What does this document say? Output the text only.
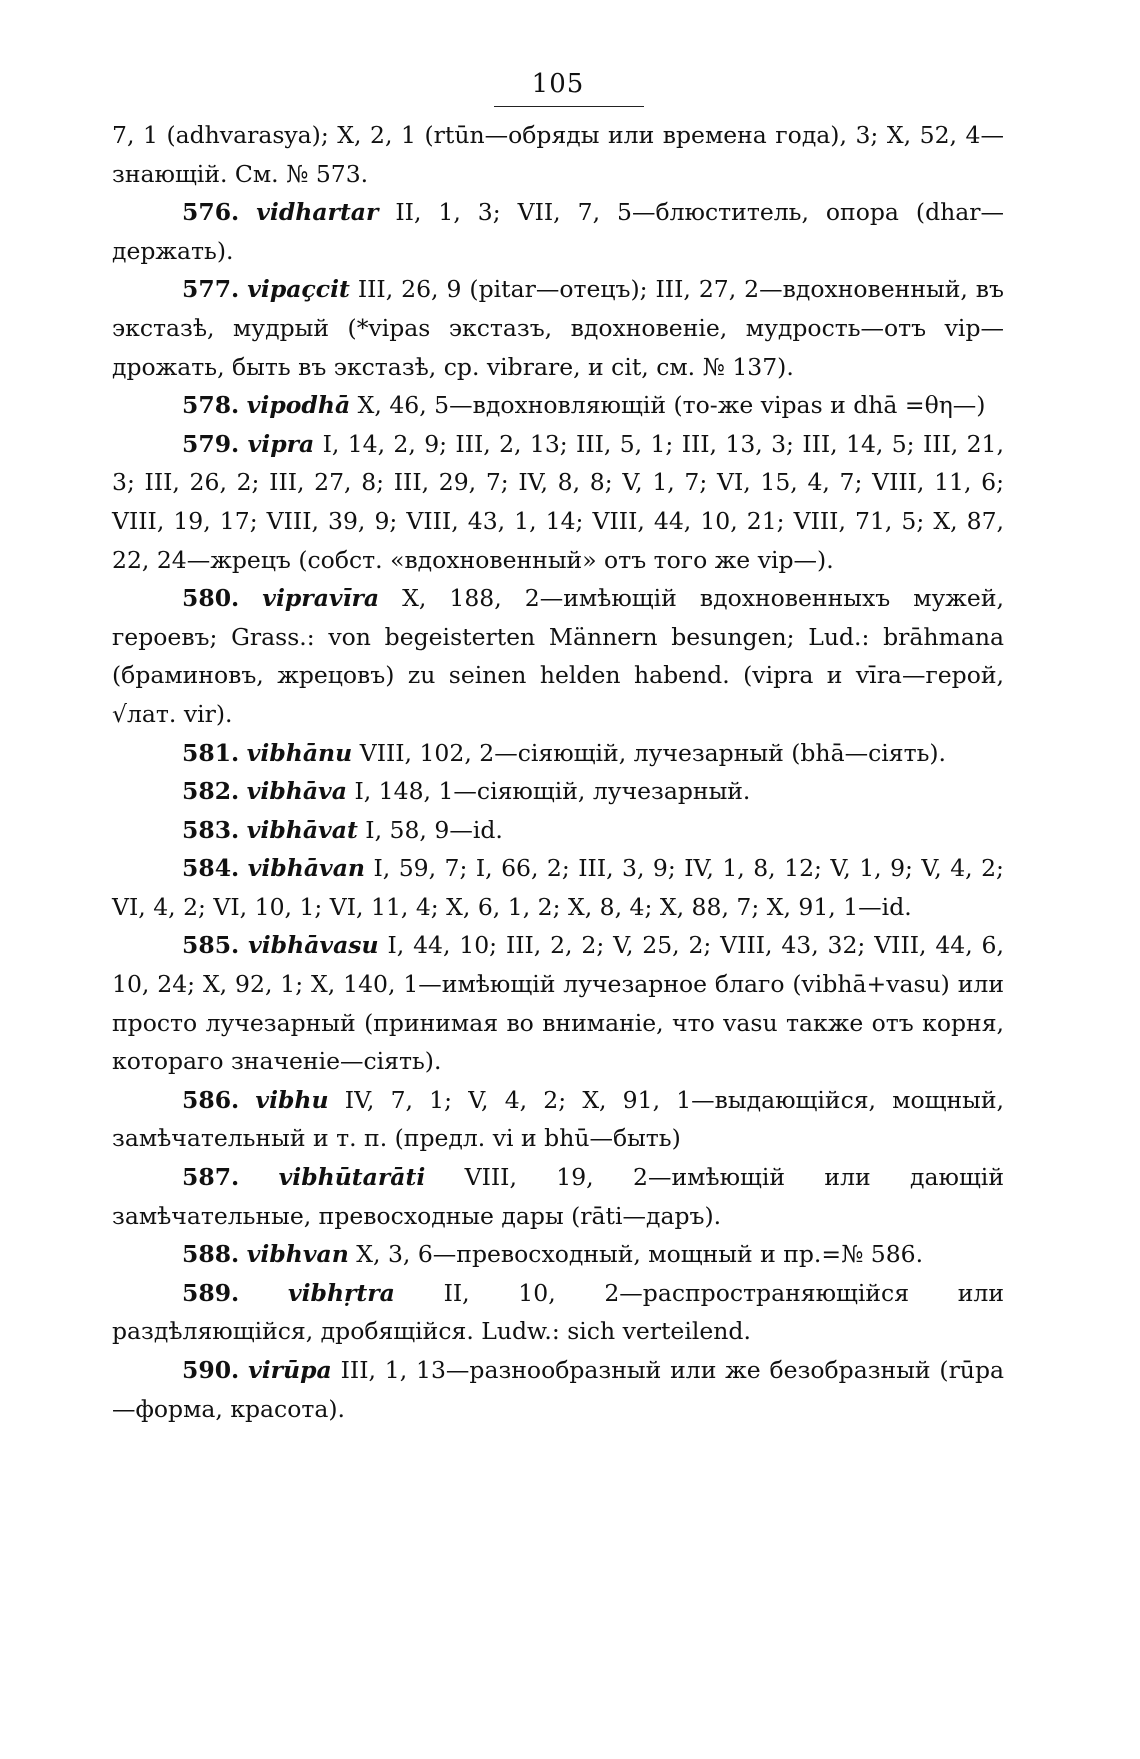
105

7, 1 (adhvarasya); X, 2, 1 (rtūn—обряды или времена года), 3; X, 52, 4—знающій. См. № 573.

576. vidhartar II, 1, 3; VII, 7, 5—блюститель, опора (dhar—держать).

577. vipaçcit III, 26, 9 (pitar—отецъ); III, 27, 2—вдохновенный, въ экстазѣ, мудрый (*vipas экстазъ, вдохновеніе, мудрость—отъ vip—дрожать, быть въ экстазѣ, ср. vibrare, и cit, см. № 137).

578. vipodhā X, 46, 5—вдохновляющій (то-же vipas и dhā =θη—)

579. vipra I, 14, 2, 9; III, 2, 13; III, 5, 1; III, 13, 3; III, 14, 5; III, 21, 3; III, 26, 2; III, 27, 8; III, 29, 7; IV, 8, 8; V, 1, 7; VI, 15, 4, 7; VIII, 11, 6; VIII, 19, 17; VIII, 39, 9; VIII, 43, 1, 14; VIII, 44, 10, 21; VIII, 71, 5; X, 87, 22, 24—жрецъ (собст. «вдохновенный» отъ того же vip—).

580. vipravīra X, 188, 2—имѣющій вдохновенныхъ мужей, героевъ; Grass.: von begeisterten Männern besungen; Lud.: brāhmana (браминовъ, жрецовъ) zu seinen helden habend. (vipra и vīra—герой, √лат. vir).

581. vibhānu VIII, 102, 2—сіяющій, лучезарный (bhā—сіять).

582. vibhāva I, 148, 1—сіяющій, лучезарный.

583. vibhāvat I, 58, 9—id.

584. vibhāvan I, 59, 7; I, 66, 2; III, 3, 9; IV, 1, 8, 12; V, 1, 9; V, 4, 2; VI, 4, 2; VI, 10, 1; VI, 11, 4; X, 6, 1, 2; X, 8, 4; X, 88, 7; X, 91, 1—id.

585. vibhāvasu I, 44, 10; III, 2, 2; V, 25, 2; VIII, 43, 32; VIII, 44, 6, 10, 24; X, 92, 1; X, 140, 1—имѣющій лучезарное благо (vibhā+vasu) или просто лучезарный (принимая во вниманіе, что vasu также отъ корня, котораго значеніе—сіять).

586. vibhu IV, 7, 1; V, 4, 2; X, 91, 1—выдающійся, мощный, замѣчательный и т. п. (предл. vi и bhū—быть)

587. vibhūtarāti VIII, 19, 2—имѣющій или дающій замѣчательные, превосходные дары (rāti—даръ).

588. vibhvan X, 3, 6—превосходный, мощный и пр.=№ 586.

589. vibhṛtra II, 10, 2—распространяющійся или раздѣляющійся, дробящійся. Ludw.: sich verteilend.

590. virūpa III, 1, 13—разнообразный или же безобразный (rūpa—форма, красота).
